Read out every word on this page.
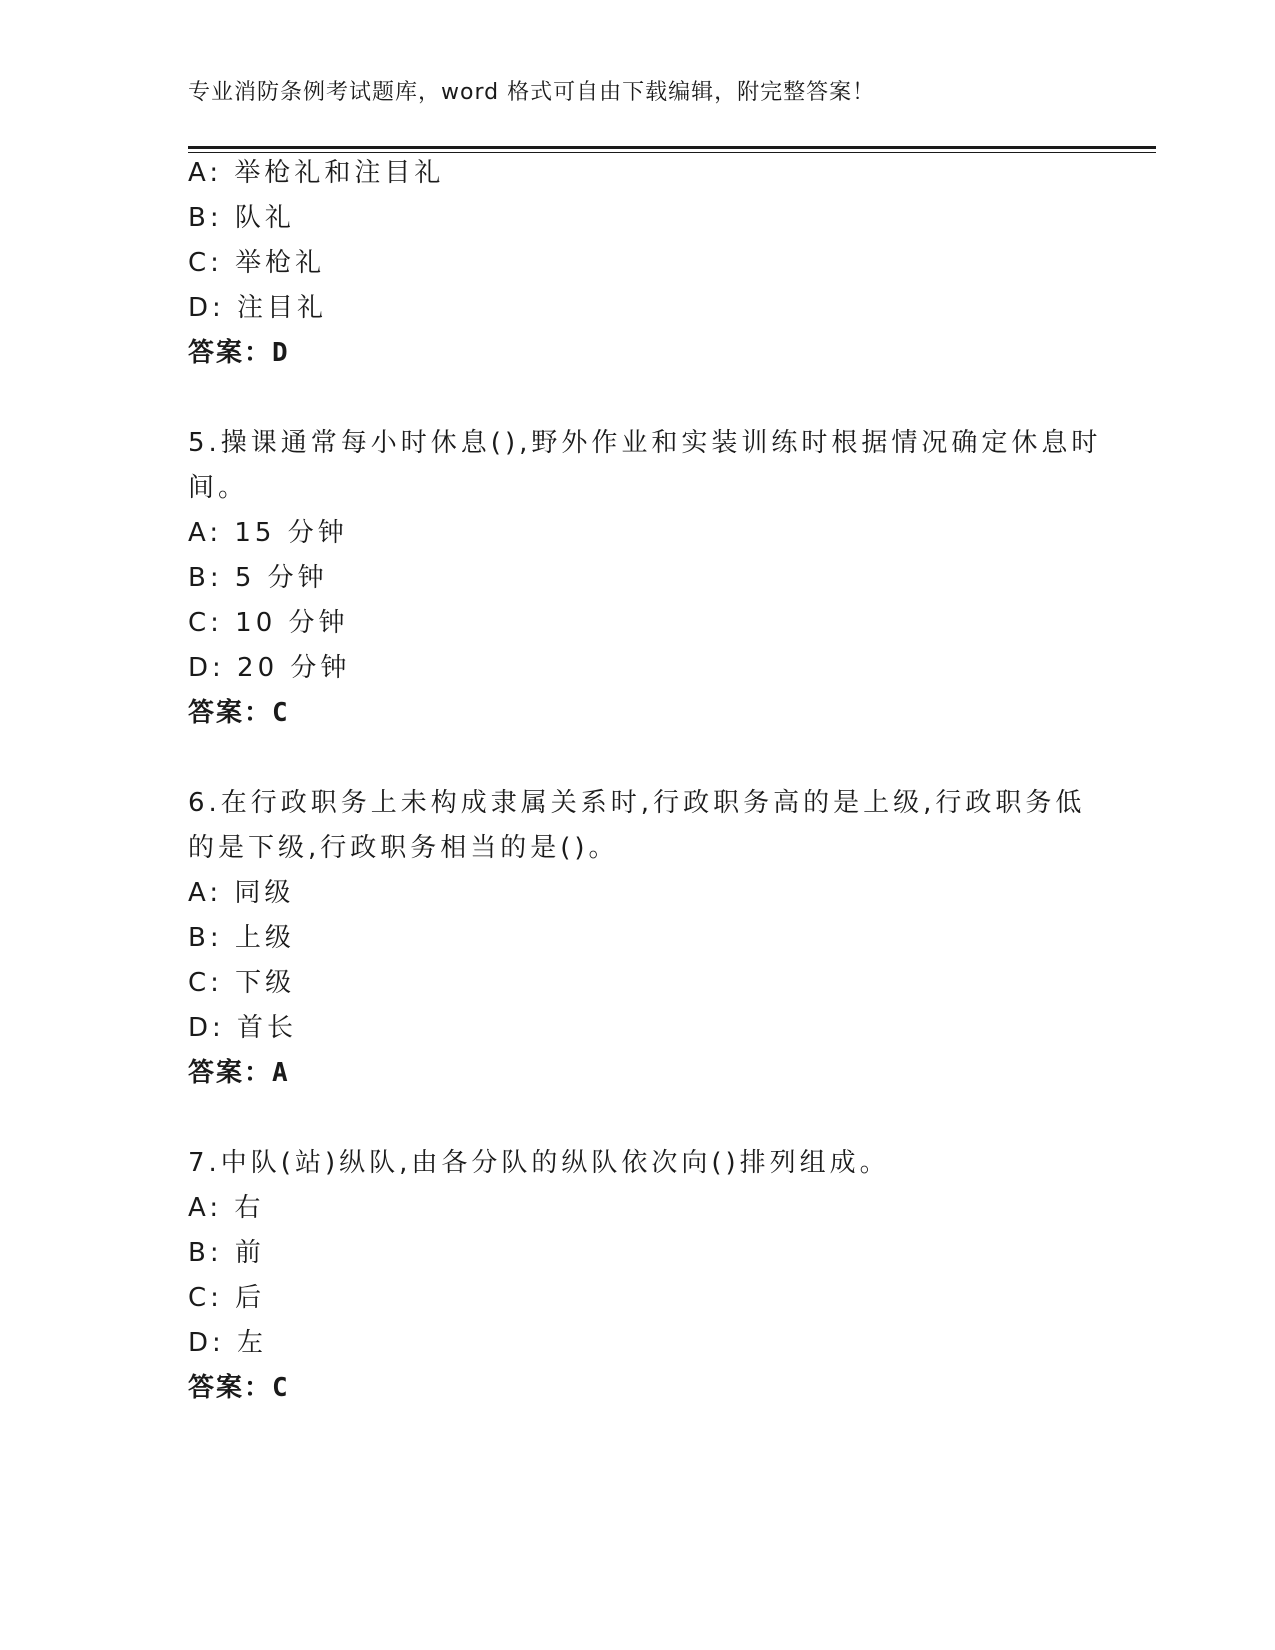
专业消防条例考试题库，word 格式可自由下载编辑，附完整答案！
A: 举枪礼和注目礼
B: 队礼
C: 举枪礼
D: 注目礼
答案：D
5.操课通常每小时休息(),野外作业和实装训练时根据情况确定休息时
间。
A: 15 分钟
B: 5 分钟
C: 10 分钟
D: 20 分钟
答案：C
6.在行政职务上未构成隶属关系时,行政职务高的是上级,行政职务低
的是下级,行政职务相当的是()。
A: 同级
B: 上级
C: 下级
D: 首长
答案：A
7.中队(站)纵队,由各分队的纵队依次向()排列组成。
A: 右
B: 前
C: 后
D: 左
答案：C
